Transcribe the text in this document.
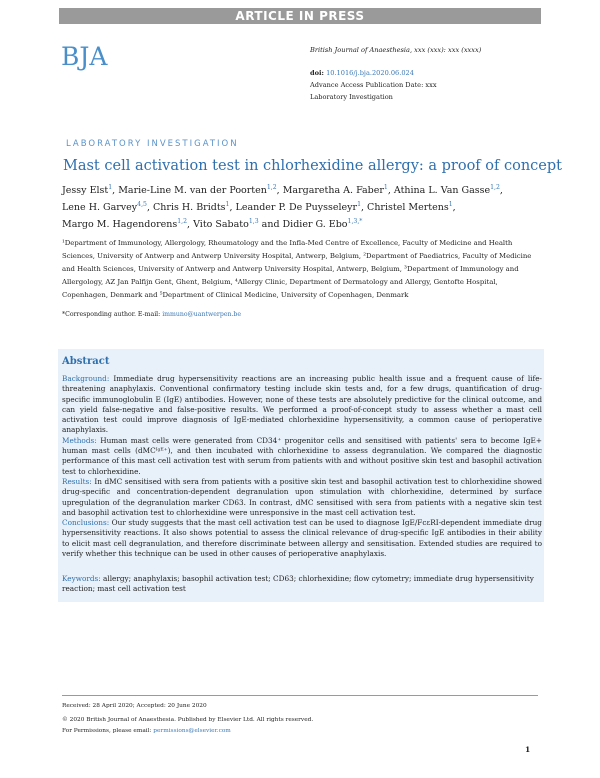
ARTICLE IN PRESS
BJA	British Journal of Anaesthesia, xxx (xxx): xxx (xxxx)
doi: 10.1016/j.bja.2020.06.024
Advance Access Publication Date: xxx
Laboratory Investigation
LABORATORY INVESTIGATION
Mast cell activation test in chlorhexidine allergy: a proof of concept
Jessy Elst$^1$, Marie-Line M. van der Poorten$^{1,2}$, Margaretha A. Faber$^1$, Athina L. Van Gasse$^{1,2}$,
Lene H. Garvey$^{4,5}$, Chris H. Bridts$^1$, Leander P. De Puysseleyr$^1$, Christel Mertens$^1$,
Margo M. Hagendorens$^{1,2}$, Vito Sabato$^{1,3}$ and Didier G. Ebo$^{1,3,*}$
¹Department of Immunology, Allergology, Rheumatology and the Infla-Med Centre of Excellence, Faculty of Medicine and Health Sciences, University of Antwerp and Antwerp University Hospital, Antwerp, Belgium, ²Department of Paediatrics, Faculty of Medicine and Health Sciences, University of Antwerp and Antwerp University Hospital, Antwerp, Belgium, ³Department of Immunology and Allergology, AZ Jan Palfijn Gent, Ghent, Belgium, ⁴Allergy Clinic, Department of Dermatology and Allergy, Gentofte Hospital, Copenhagen, Denmark and ⁵Department of Clinical Medicine, University of Copenhagen, Denmark
*Corresponding author. E-mail: immuno@uantwerpen.be
Abstract

Background: Immediate drug hypersensitivity reactions are an increasing public health issue and a frequent cause of life-threatening anaphylaxis. Conventional confirmatory testing include skin tests and, for a few drugs, quantification of drug-specific immunoglobulin E (IgE) antibodies. However, none of these tests are absolutely predictive for the clinical outcome, and can yield false-negative and false-positive results. We performed a proof-of-concept study to assess whether a mast cell activation test could improve diagnosis of IgE-mediated chlorhexidine hypersensitivity, a common cause of perioperative anaphylaxis.

Methods: Human mast cells were generated from CD34⁺ progenitor cells and sensitised with patients' sera to become IgE+ human mast cells (dMCᴵᵍᴱ⁺), and then incubated with chlorhexidine to assess degranulation. We compared the diagnostic performance of this mast cell activation test with serum from patients with and without positive skin test and basophil activation test to chlorhexidine.

Results: In dMC sensitised with sera from patients with a positive skin test and basophil activation test to chlorhexidine showed drug-specific and concentration-dependent degranulation upon stimulation with chlorhexidine, determined by surface upregulation of the degranulation marker CD63. In contrast, dMC sensitised with sera from patients with a negative skin test and basophil activation test to chlorhexidine were unresponsive in the mast cell activation test.

Conclusions: Our study suggests that the mast cell activation test can be used to diagnose IgE/FcεRI-dependent immediate drug hypersensitivity reactions. It also shows potential to assess the clinical relevance of drug-specific IgE antibodies in their ability to elicit mast cell degranulation, and therefore discriminate between allergy and sensitisation. Extended studies are required to verify whether this technique can be used in other causes of perioperative anaphylaxis.

Keywords: allergy; anaphylaxis; basophil activation test; CD63; chlorhexidine; flow cytometry; immediate drug hypersensitivity reaction; mast cell activation test
Received: 28 April 2020; Accepted: 20 June 2020
© 2020 British Journal of Anaesthesia. Published by Elsevier Ltd. All rights reserved.
For Permissions, please email: permissions@elsevier.com
1
